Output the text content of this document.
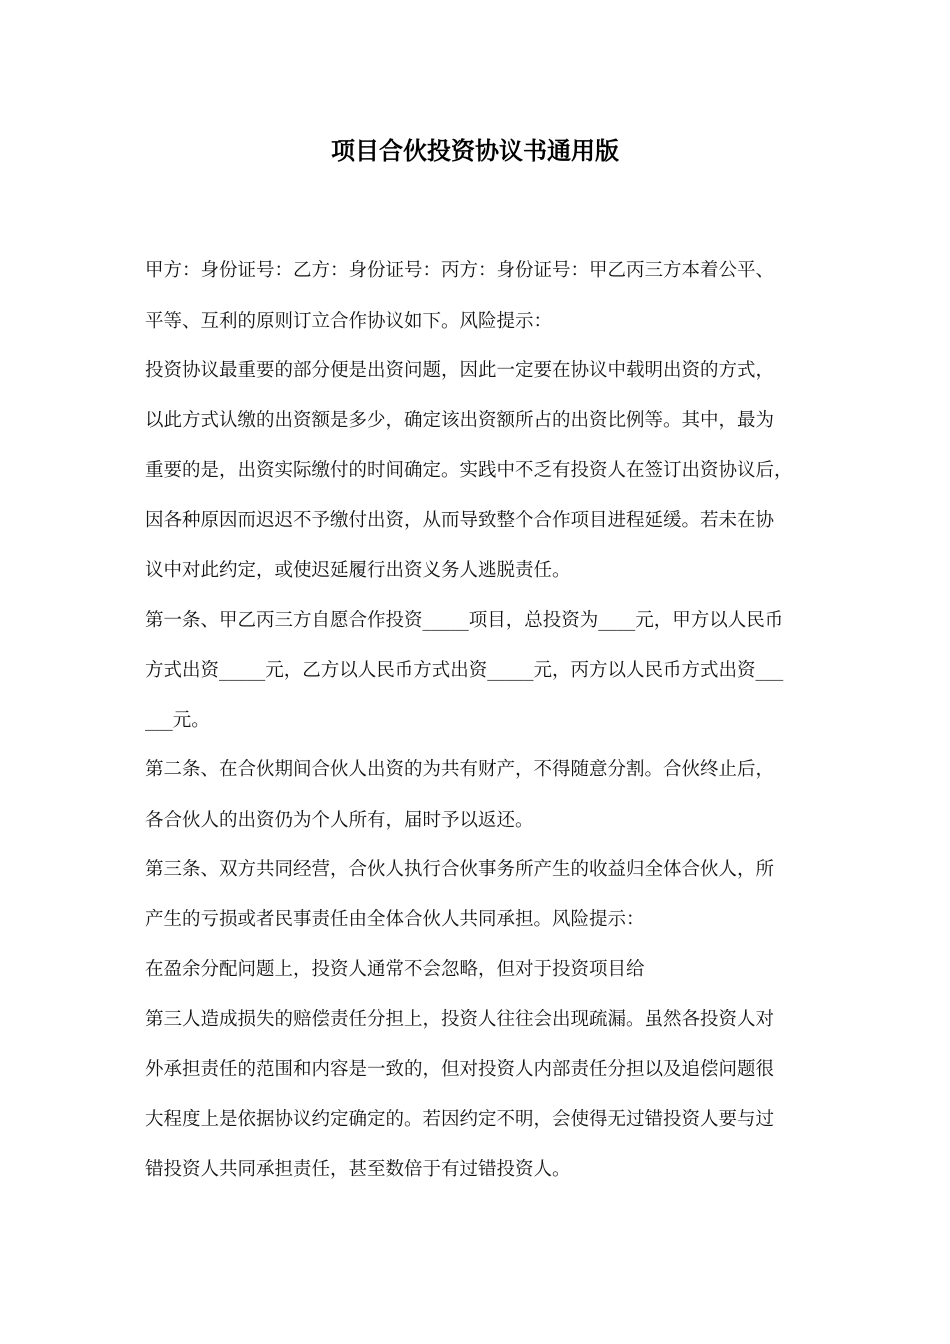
项目合伙投资协议书通用版
甲方：身份证号：乙方：身份证号：丙方：身份证号：甲乙丙三方本着公平、
平等、互利的原则订立合作协议如下。风险提示：
投资协议最重要的部分便是出资问题，因此一定要在协议中载明出资的方式，
以此方式认缴的出资额是多少，确定该出资额所占的出资比例等。其中，最为
重要的是，出资实际缴付的时间确定。实践中不乏有投资人在签订出资协议后，
因各种原因而迟迟不予缴付出资，从而导致整个合作项目进程延缓。若未在协
议中对此约定，或使迟延履行出资义务人逃脱责任。
第一条、甲乙丙三方自愿合作投资_____项目，总投资为____元，甲方以人民币
方式出资_____元，乙方以人民币方式出资_____元，丙方以人民币方式出资___
___元。
第二条、在合伙期间合伙人出资的为共有财产，不得随意分割。合伙终止后，
各合伙人的出资仍为个人所有，届时予以返还。
第三条、双方共同经营，合伙人执行合伙事务所产生的收益归全体合伙人，所
产生的亏损或者民事责任由全体合伙人共同承担。风险提示：
在盈余分配问题上，投资人通常不会忽略，但对于投资项目给
第三人造成损失的赔偿责任分担上，投资人往往会出现疏漏。虽然各投资人对
外承担责任的范围和内容是一致的，但对投资人内部责任分担以及追偿问题很
大程度上是依据协议约定确定的。若因约定不明，会使得无过错投资人要与过
错投资人共同承担责任，甚至数倍于有过错投资人。
